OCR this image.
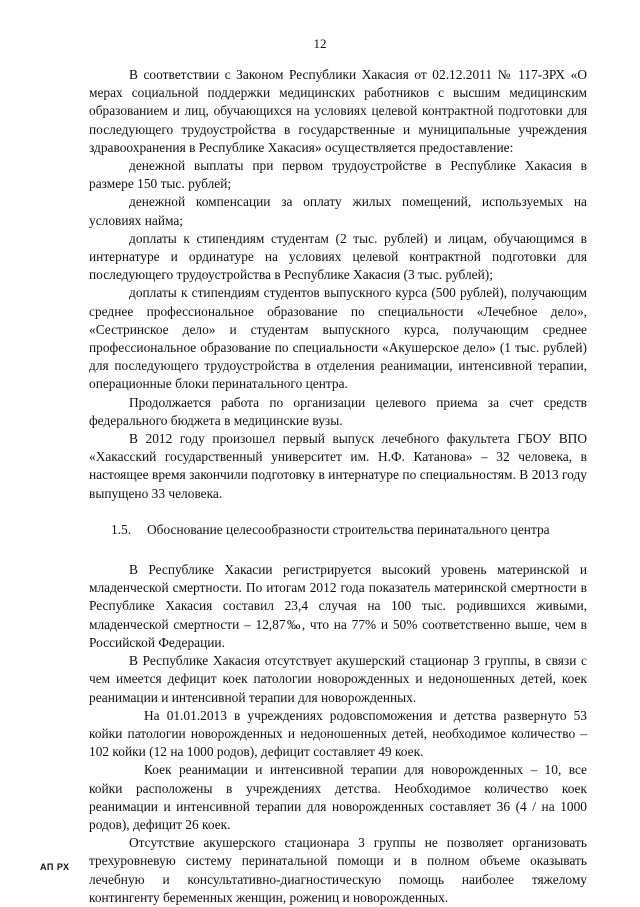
12

В соответствии с Законом Республики Хакасия от 02.12.2011 № 117-ЗРХ «О мерах социальной поддержки медицинских работников с высшим медицинским образованием и лиц, обучающихся на условиях целевой контрактной подготовки для последующего трудоустройства в государственные и муниципальные учреждения здравоохранения в Республике Хакасия» осуществляется предоставление:

денежной выплаты при первом трудоустройстве в Республике Хакасия в размере 150 тыс. рублей;

денежной компенсации за оплату жилых помещений, используемых на условиях найма;

доплаты к стипендиям студентам (2 тыс. рублей) и лицам, обучающимся в интернатуре и ординатуре на условиях целевой контрактной подготовки для последующего трудоустройства в Республике Хакасия (3 тыс. рублей);

доплаты к стипендиям студентов выпускного курса (500 рублей), получающим среднее профессиональное образование по специальности «Лечебное дело», «Сестринское дело» и студентам выпускного курса, получающим среднее профессиональное образование по специальности «Акушерское дело» (1 тыс. рублей) для последующего трудоустройства в отделения реанимации, интенсивной терапии, операционные блоки перинатального центра.

Продолжается работа по организации целевого приема за счет средств федерального бюджета в медицинские вузы.

В 2012 году произошел первый выпуск лечебного факультета ГБОУ ВПО «Хакасский государственный университет им. Н.Ф. Катанова» – 32 человека, в настоящее время закончили подготовку в интернатуре по специальностям. В 2013 году выпущено 33 человека.

1.5. Обоснование целесообразности строительства перинатального центра

В Республике Хакасии регистрируется высокий уровень материнской и младенческой смертности. По итогам 2012 года показатель материнской смертности в Республике Хакасия составил 23,4 случая на 100 тыс. родившихся живыми, младенческой смертности – 12,87‰, что на 77% и 50% соответственно выше, чем в Российской Федерации.

В Республике Хакасия отсутствует акушерский стационар 3 группы, в связи с чем имеется дефицит коек патологии новорожденных и недоношенных детей, коек реанимации и интенсивной терапии для новорожденных.

На 01.01.2013 в учреждениях родовспоможения и детства развернуто 53 койки патологии новорожденных и недоношенных детей, необходимое количество – 102 койки (12 на 1000 родов), дефицит составляет 49 коек.

Коек реанимации и интенсивной терапии для новорожденных – 10, все койки расположены в учреждениях детства. Необходимое количество коек реанимации и интенсивной терапии для новорожденных составляет 36 (4 / на 1000 родов), дефицит 26 коек.

Отсутствие акушерского стационара 3 группы не позволяет организовать трехуровневую систему перинатальной помощи и в полном объеме оказывать лечебную и консультативно-диагностическую помощь наиболее тяжелому контингенту беременных женщин, рожениц и новорожденных.

АП РХ
